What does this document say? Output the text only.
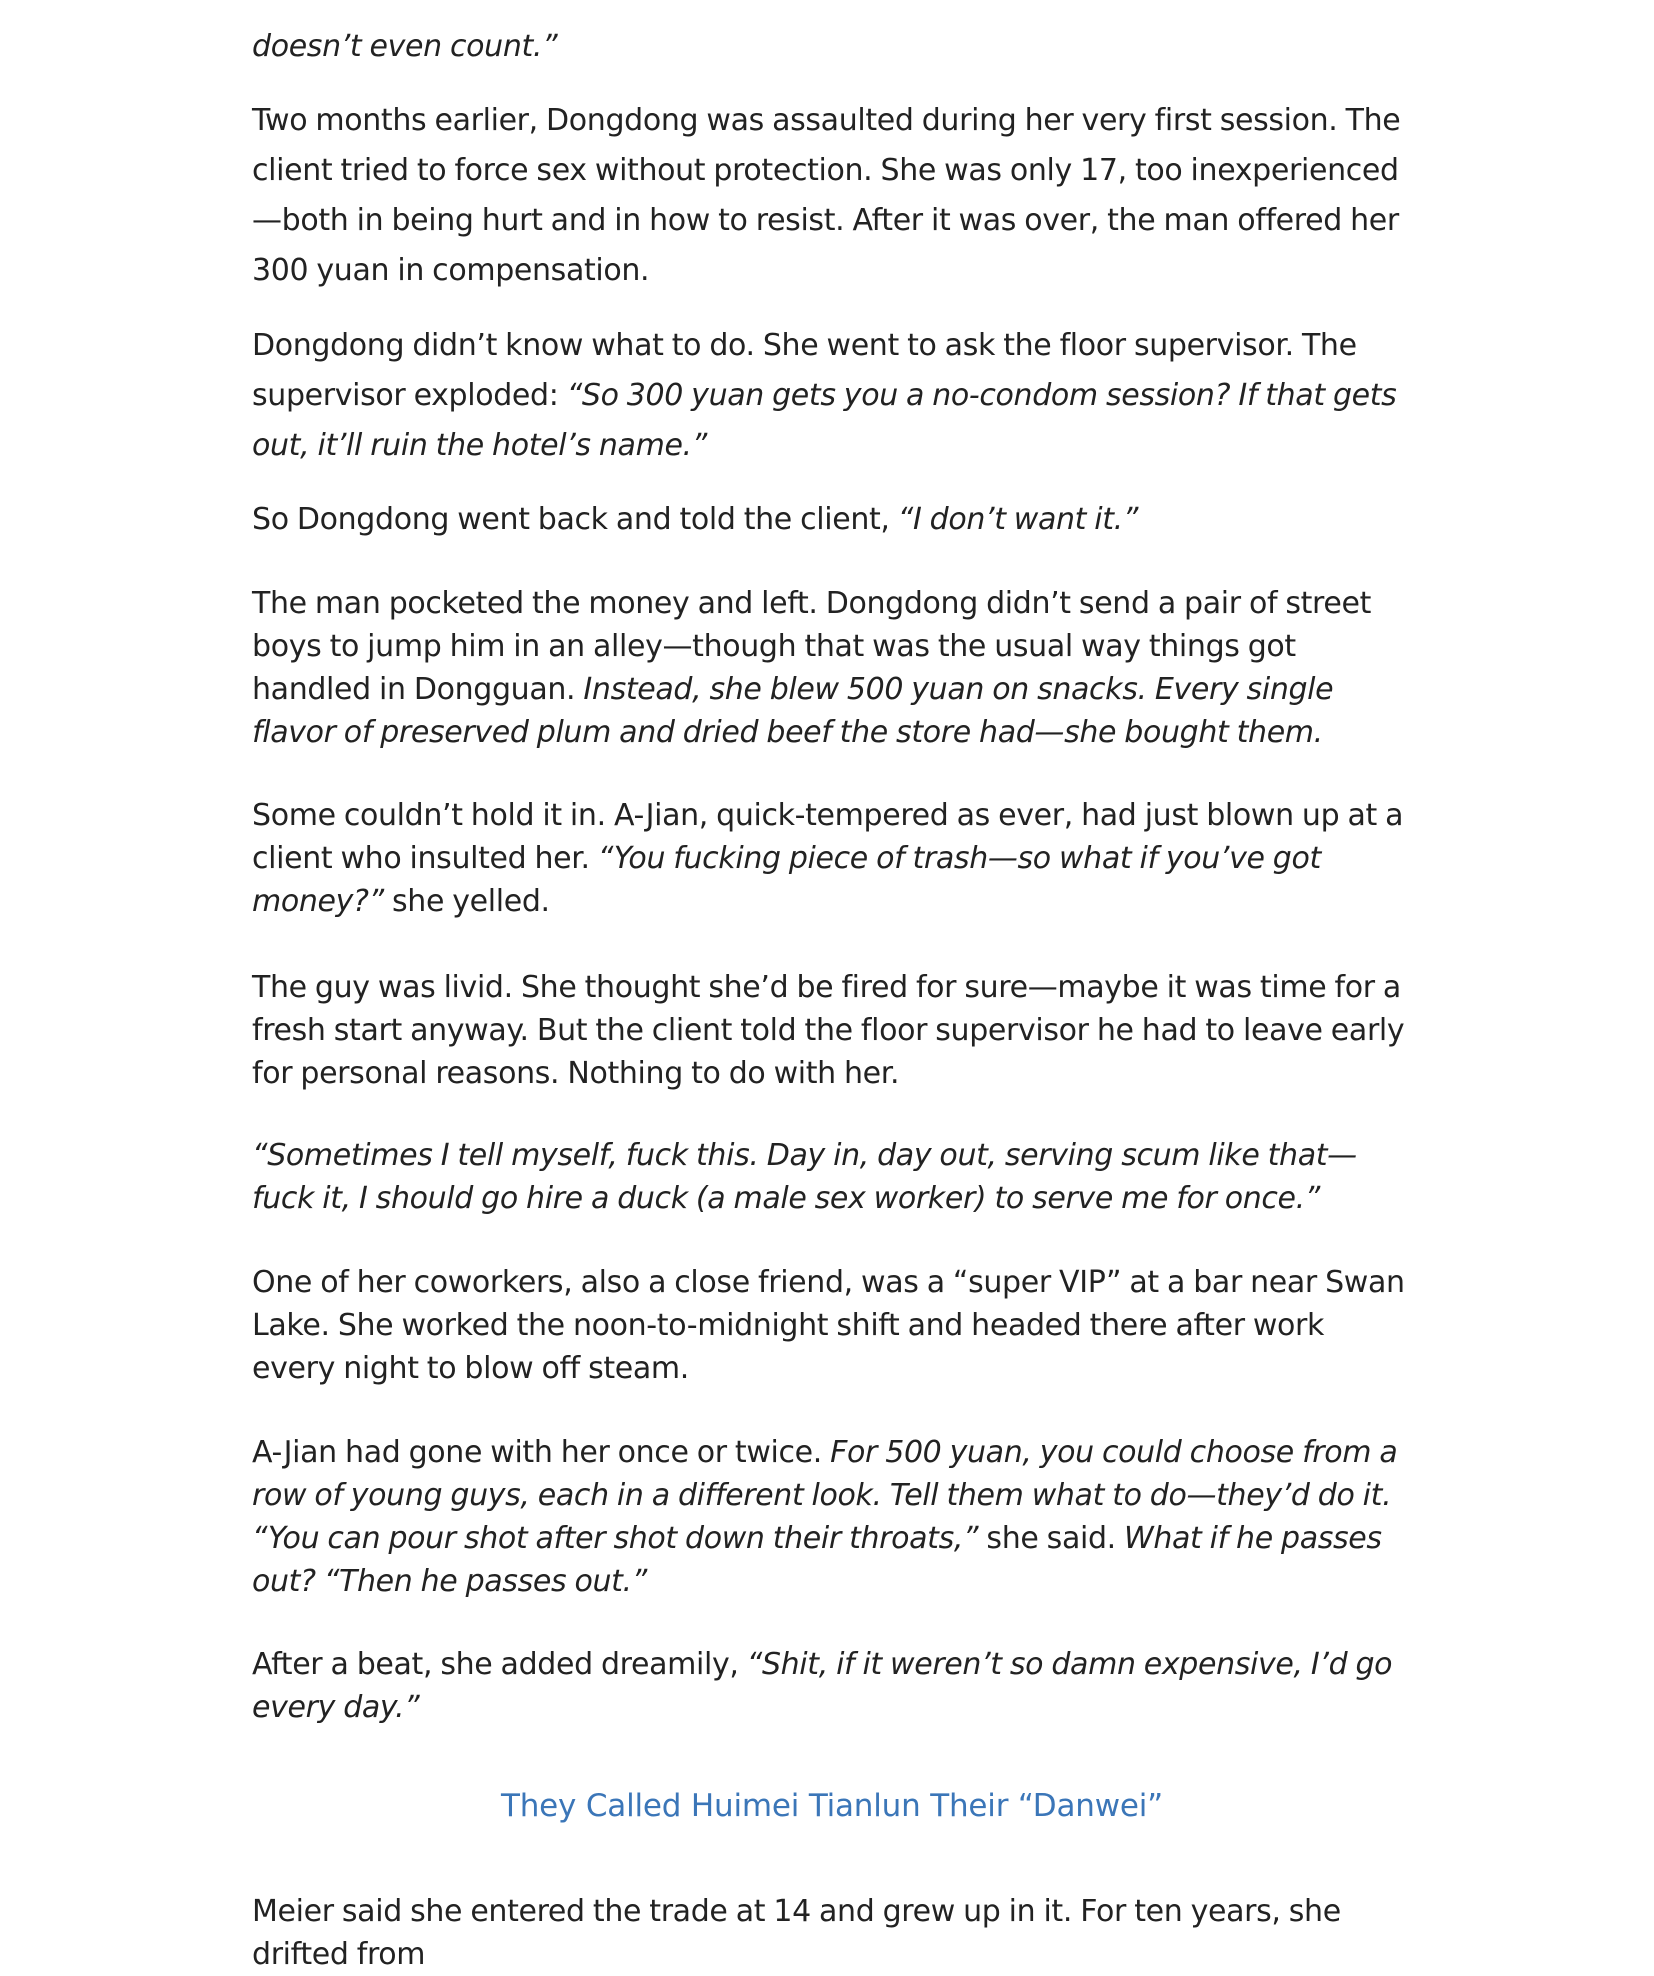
doesn’t even count.”

Two months earlier, Dongdong was assaulted during her very first session. The client tried to force sex without protection. She was only 17, too inexperienced—both in being hurt and in how to resist. After it was over, the man offered her 300 yuan in compensation.

Dongdong didn’t know what to do. She went to ask the floor supervisor. The supervisor exploded: “So 300 yuan gets you a no-condom session? If that gets out, it’ll ruin the hotel’s name.”

So Dongdong went back and told the client, “I don’t want it.”

The man pocketed the money and left. Dongdong didn’t send a pair of street boys to jump him in an alley—though that was the usual way things got handled in Dongguan. Instead, she blew 500 yuan on snacks. Every single flavor of preserved plum and dried beef the store had—she bought them.

Some couldn’t hold it in. A-Jian, quick-tempered as ever, had just blown up at a client who insulted her. “You fucking piece of trash—so what if you’ve got money?” she yelled.

The guy was livid. She thought she’d be fired for sure—maybe it was time for a fresh start anyway. But the client told the floor supervisor he had to leave early for personal reasons. Nothing to do with her.

“Sometimes I tell myself, fuck this. Day in, day out, serving scum like that—fuck it, I should go hire a duck (a male sex worker) to serve me for once.”

One of her coworkers, also a close friend, was a “super VIP” at a bar near Swan Lake. She worked the noon-to-midnight shift and headed there after work every night to blow off steam.

A-Jian had gone with her once or twice. For 500 yuan, you could choose from a row of young guys, each in a different look. Tell them what to do—they’d do it. “You can pour shot after shot down their throats,” she said. What if he passes out? “Then he passes out.”

After a beat, she added dreamily, “Shit, if it weren’t so damn expensive, I’d go every day.”

They Called Huimei Tianlun Their “Danwei”

Meier said she entered the trade at 14 and grew up in it. For ten years, she drifted from
